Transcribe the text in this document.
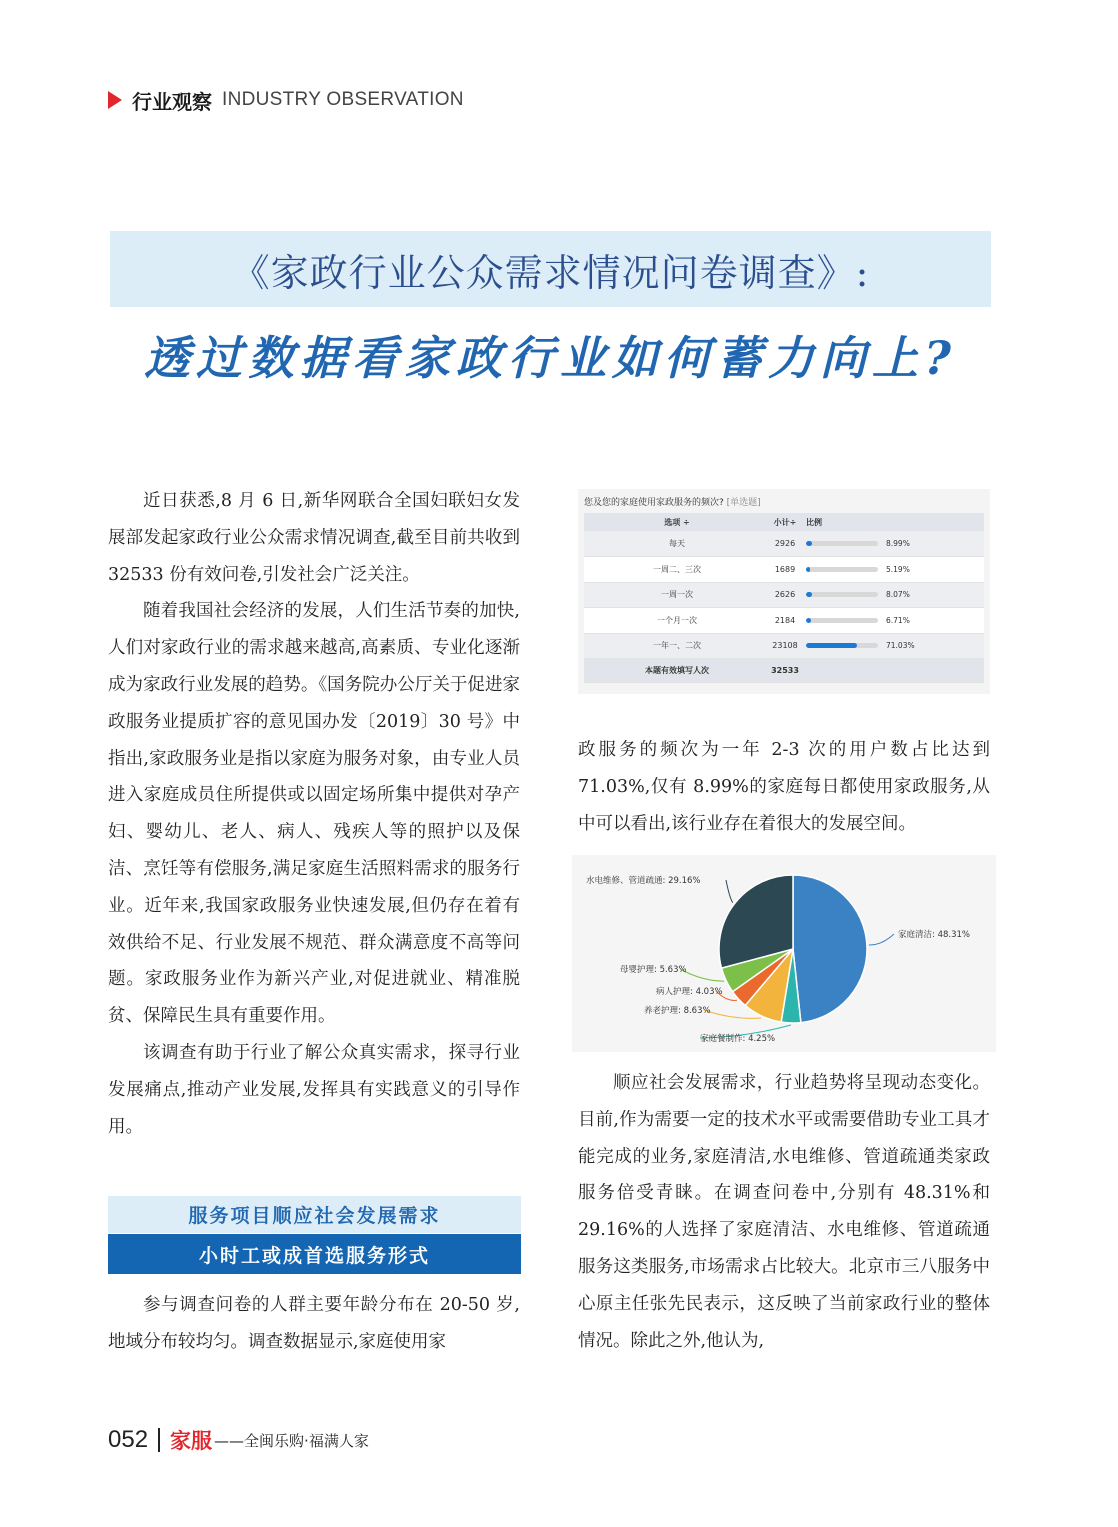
行业观察 INDUSTRY OBSERVATION
《家政行业公众需求情况问卷调查》:
透过数据看家政行业如何蓄力向上?

近日获悉,8 月 6 日,新华网联合全国妇联妇女发展部发起家政行业公众需求情况调查,截至目前共收到 32533 份有效问卷,引发社会广泛关注。

随着我国社会经济的发展，人们生活节奏的加快,人们对家政行业的需求越来越高,高素质、专业化逐渐成为家政行业发展的趋势。《国务院办公厅关于促进家政服务业提质扩容的意见国办发〔2019〕30 号》中指出,家政服务业是指以家庭为服务对象，由专业人员进入家庭成员住所提供或以固定场所集中提供对孕产妇、婴幼儿、老人、病人、残疾人等的照护以及保洁、烹饪等有偿服务,满足家庭生活照料需求的服务行业。近年来,我国家政服务业快速发展,但仍存在着有效供给不足、行业发展不规范、群众满意度不高等问题。家政服务业作为新兴产业,对促进就业、精准脱贫、保障民生具有重要作用。

该调查有助于行业了解公众真实需求，探寻行业发展痛点,推动产业发展,发挥具有实践意义的引导作用。

服务项目顺应社会发展需求
小时工或成首选服务形式

参与调查问卷的人群主要年龄分布在 20-50 岁,地域分布较均匀。调查数据显示,家庭使用家

您及您的家庭使用家政服务的频次? [单选题]
选项 ÷	小计÷	比例
每天	2926	8.99%
一周二、三次	1689	5.19%
一周一次	2626	8.07%
一个月一次	2184	6.71%
一年一、二次	23108	71.03%
本题有效填写人次	32533	
家庭清洁: 48.31%
家庭餐制作: 4.25%
养老护理: 8.63%
病人护理: 4.03%
母婴护理: 5.63%
水电维修、管道疏通: 29.16%

政服务的频次为一年 2-3 次的用户数占比达到 71.03%,仅有 8.99%的家庭每日都使用家政服务,从中可以看出,该行业存在着很大的发展空间。

顺应社会发展需求，行业趋势将呈现动态变化。目前,作为需要一定的技术水平或需要借助专业工具才能完成的业务,家庭清洁,水电维修、管道疏通类家政服务倍受青睐。在调查问卷中,分别有 48.31%和 29.16%的人选择了家庭清洁、水电维修、管道疏通服务这类服务,市场需求占比较大。北京市三八服务中心原主任张先民表示，这反映了当前家政行业的整体情况。除此之外,他认为,

052 家服 ——全闽乐购·福满人家
